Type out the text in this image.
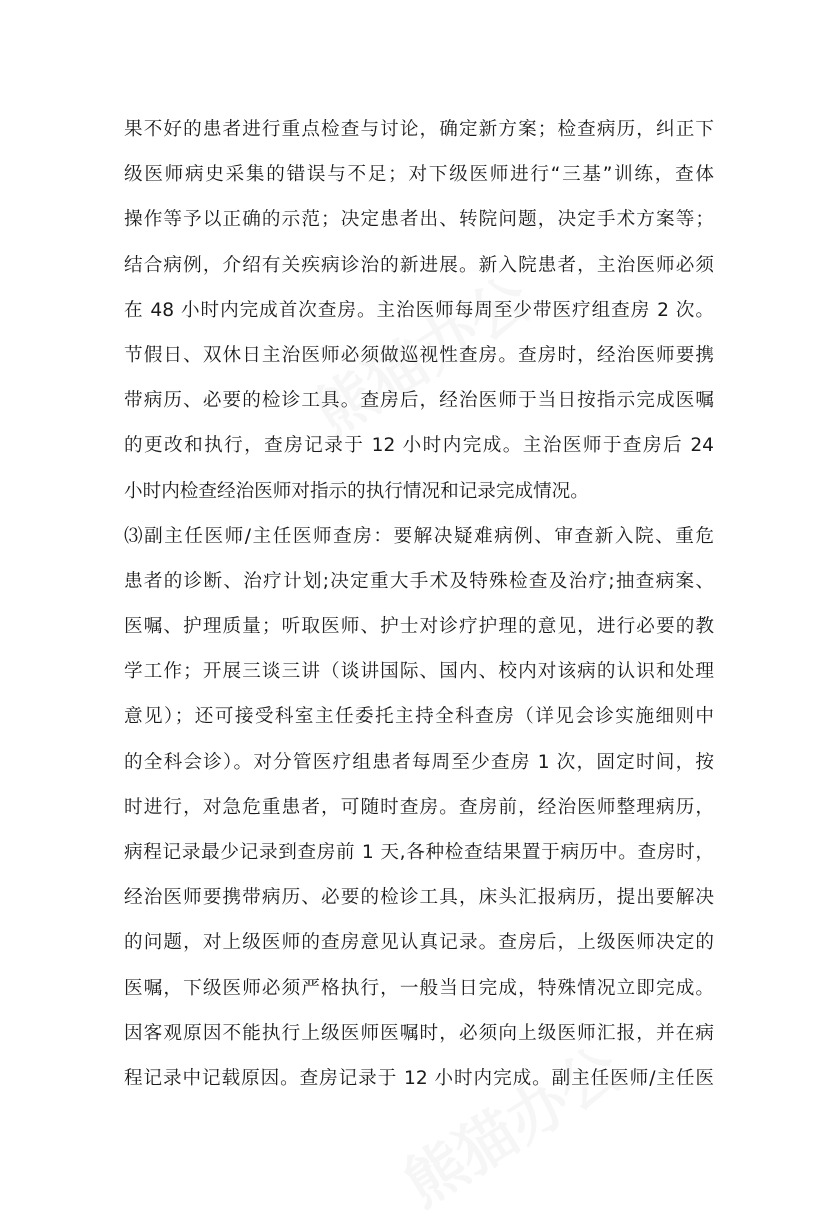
果不好的患者进行重点检查与讨论，确定新方案；检查病历，纠正下
级医师病史采集的错误与不足；对下级医师进行“三基”训练，查体
操作等予以正确的示范；决定患者出、转院问题，决定手术方案等；
结合病例，介绍有关疾病诊治的新进展。新入院患者，主治医师必须
在 48 小时内完成首次查房。主治医师每周至少带医疗组查房 2 次。
节假日、双休日主治医师必须做巡视性查房。查房时，经治医师要携
带病历、必要的检诊工具。查房后，经治医师于当日按指示完成医嘱
的更改和执行，查房记录于 12 小时内完成。主治医师于查房后 24
小时内检查经治医师对指示的执行情况和记录完成情况。
⑶副主任医师/主任医师查房：要解决疑难病例、审查新入院、重危
患者的诊断、治疗计划;决定重大手术及特殊检查及治疗;抽查病案、
医嘱、护理质量；听取医师、护士对诊疗护理的意见，进行必要的教
学工作；开展三谈三讲（谈讲国际、国内、校内对该病的认识和处理
意见）；还可接受科室主任委托主持全科查房（详见会诊实施细则中
的全科会诊）。对分管医疗组患者每周至少查房 1 次，固定时间，按
时进行，对急危重患者，可随时查房。查房前，经治医师整理病历，
病程记录最少记录到查房前 1 天,各种检查结果置于病历中。查房时，
经治医师要携带病历、必要的检诊工具，床头汇报病历，提出要解决
的问题，对上级医师的查房意见认真记录。查房后，上级医师决定的
医嘱，下级医师必须严格执行，一般当日完成，特殊情况立即完成。
因客观原因不能执行上级医师医嘱时，必须向上级医师汇报，并在病
程记录中记载原因。查房记录于 12 小时内完成。副主任医师/主任医
